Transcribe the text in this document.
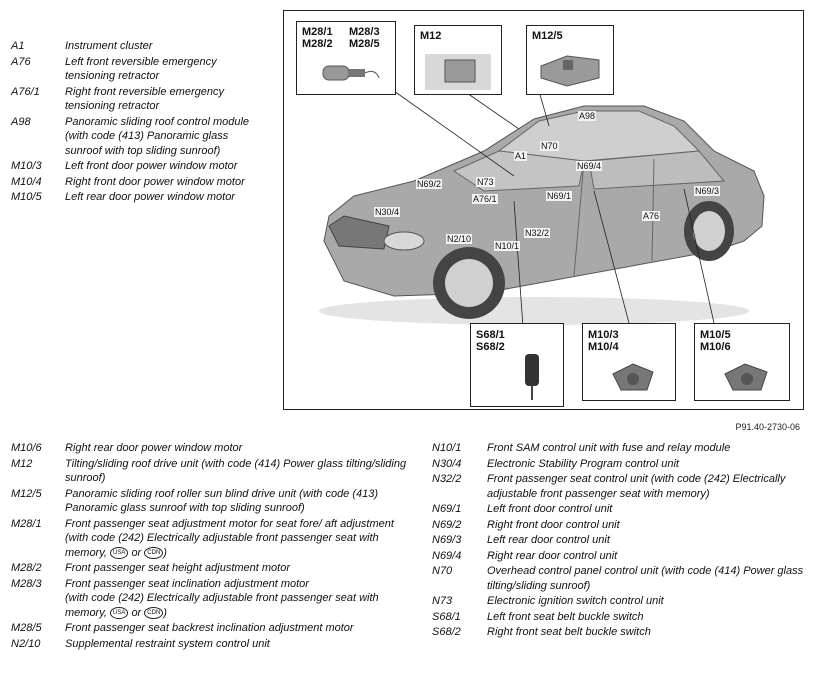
A1	Instrument cluster
A76	Left front reversible emergency tensioning retractor
A76/1	Right front reversible emergency tensioning retractor
A98	Panoramic sliding roof control module (with code (413) Panoramic glass sunroof with top sliding sunroof)
M10/3	Left front door power window motor
M10/4	Right front door power window motor
M10/5	Left rear door power window motor
M28/1 M28/3
M28/2 M28/5
M12	M12/5
S68/1
S68/2
M10/3
M10/4
M10/5
M10/6
A98
N70
A1
N69/4
N69/2	N73
N69/1
A76/1
N69/3
N30/4	A76
N32/2
N2/10
N10/1
P91.40-2730-06
M10/6	Right rear door power window motor
M12	Tilting/sliding roof drive unit (with code (414) Power glass tilting/sliding sunroof)
M12/5	Panoramic sliding roof roller sun blind drive unit (with code (413) Panoramic glass sunroof with top sliding sunroof)
M28/1	Front passenger seat adjustment motor for seat fore/ aft adjustment
(with code (242) Electrically adjustable front passenger seat with memory, USA or CDN )
M28/2	Front passenger seat height adjustment motor
M28/3	Front passenger seat inclination adjustment motor
(with code (242) Electrically adjustable front passenger seat with memory, USA or CDN )
M28/5	Front passenger seat backrest inclination adjustment motor
N2/10	Supplemental restraint system control unit
N10/1	Front SAM control unit with fuse and relay module
N30/4	Electronic Stability Program control unit
N32/2	Front passenger seat control unit (with code (242) Electrically adjustable front passenger seat with memory)
N69/1	Left front door control unit
N69/2	Right front door control unit
N69/3	Left rear door control unit
N69/4	Right rear door control unit
N70	Overhead control panel control unit (with code (414) Power glass tilting/sliding sunroof)
N73	Electronic ignition switch control unit
S68/1	Left front seat belt buckle switch
S68/2	Right front seat belt buckle switch
